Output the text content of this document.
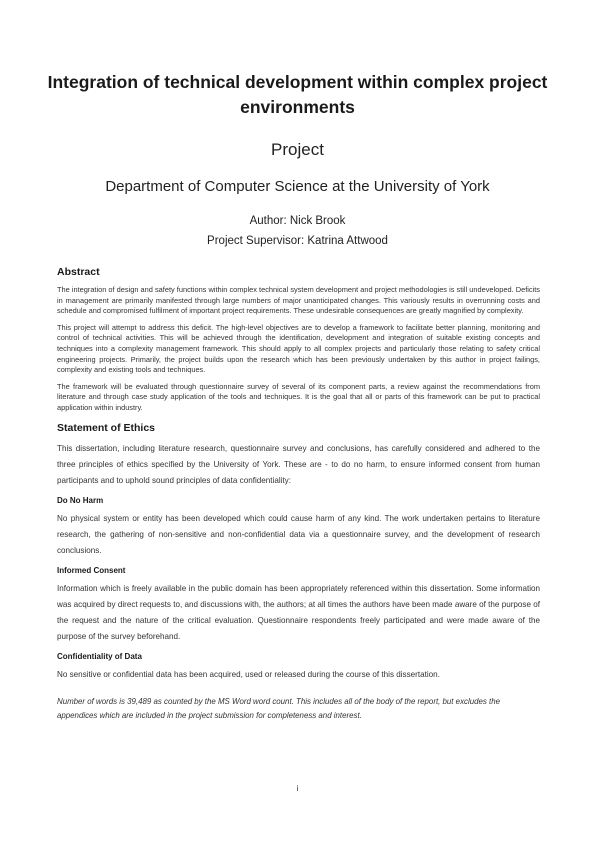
Integration of technical development within complex project environments
Project
Department of Computer Science at the University of York
Author: Nick Brook
Project Supervisor: Katrina Attwood
Abstract

The integration of design and safety functions within complex technical system development and project methodologies is still undeveloped. Deficits in management are primarily manifested through large numbers of major unanticipated changes. This variously results in overrunning costs and schedule and compromised fulfilment of important project requirements. These undesirable consequences are greatly magnified by complexity.

This project will attempt to address this deficit. The high-level objectives are to develop a framework to facilitate better planning, monitoring and control of technical activities. This will be achieved through the identification, development and integration of suitable existing concepts and techniques into a complexity management framework. This should apply to all complex projects and particularly those relating to safety critical engineering projects. Primarily, the project builds upon the research which has been previously undertaken by this author in project failings, complexity and existing tools and techniques.

The framework will be evaluated through questionnaire survey of several of its component parts, a review against the recommendations from literature and through case study application of the tools and techniques. It is the goal that all or parts of this framework can be put to practical application within industry.

Statement of Ethics

This dissertation, including literature research, questionnaire survey and conclusions, has carefully considered and adhered to the three principles of ethics specified by the University of York. These are - to do no harm, to ensure informed consent from human participants and to uphold sound principles of data confidentiality:

Do No Harm

No physical system or entity has been developed which could cause harm of any kind. The work undertaken pertains to literature research, the gathering of non-sensitive and non-confidential data via a questionnaire survey, and the development of research conclusions.

Informed Consent

Information which is freely available in the public domain has been appropriately referenced within this dissertation. Some information was acquired by direct requests to, and discussions with, the authors; at all times the authors have been made aware of the purpose of the request and the nature of the critical evaluation. Questionnaire respondents freely participated and were made aware of the purpose of the survey beforehand.

Confidentiality of Data

No sensitive or confidential data has been acquired, used or released during the course of this dissertation.

Number of words is 39,489 as counted by the MS Word word count. This includes all of the body of the report, but excludes the appendices which are included in the project submission for completeness and interest.
i
